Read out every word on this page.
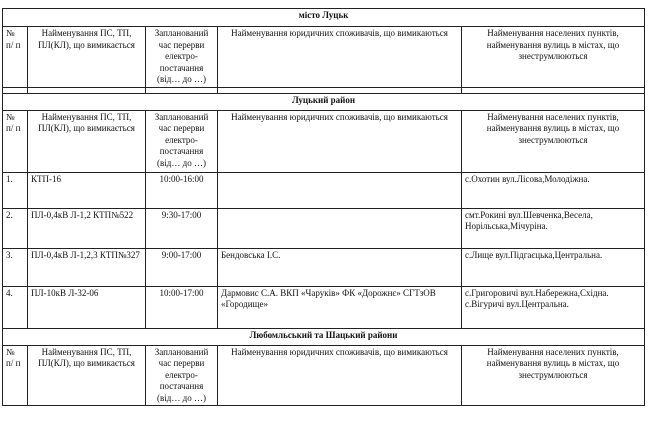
місто Луцьк				
№ п/ п	Найменування ПС, ТП, ПЛ(КЛ), що вимикається	Запланований час перерви електро-постачання (від… до …)	Найменування юридичних споживачів, що вимикаються	Найменування населених пунктів, найменування вулиць в містах, що знеструмлюються

Луцький район				
№ п/ п	Найменування ПС, ТП, ПЛ(КЛ), що вимикається	Запланований час перерви електро-постачання (від… до …)	Найменування юридичних споживачів, що вимикаються	Найменування населених пунктів, найменування вулиць в містах, що знеструмлюються
1.	КТП-16	10:00-16:00		с.Охотин вул.Лісова,Молодіжна.
2.	ПЛ-0,4кВ Л-1,2 КТП№522	9:30-17:00		смт.Рокині вул.Шевченка,Весела, Норільська,Мічуріна.
3.	ПЛ-0,4кВ Л-1,2,3 КТП№327	9:00-17:00	Бендовська І.С.	с.Лище вул.Підгаєцька,Центральна.
4.	ПЛ-10кВ Л-32-06	10:00-17:00	Дармовис С.А. ВКП «Чаруків» ФК «Дорожнє» СГТзОВ «Городище»	с.Григоровичі вул.Набережна,Східна. с.Вігуричі вул.Центральна.
Любомльський та Шацький райони				
№ п/ п	Найменування ПС, ТП, ПЛ(КЛ), що вимикається	Запланований час перерви електро-постачання (від… до …)	Найменування юридичних споживачів, що вимикаються	Найменування населених пунктів, найменування вулиць в містах, що знеструмлюються
